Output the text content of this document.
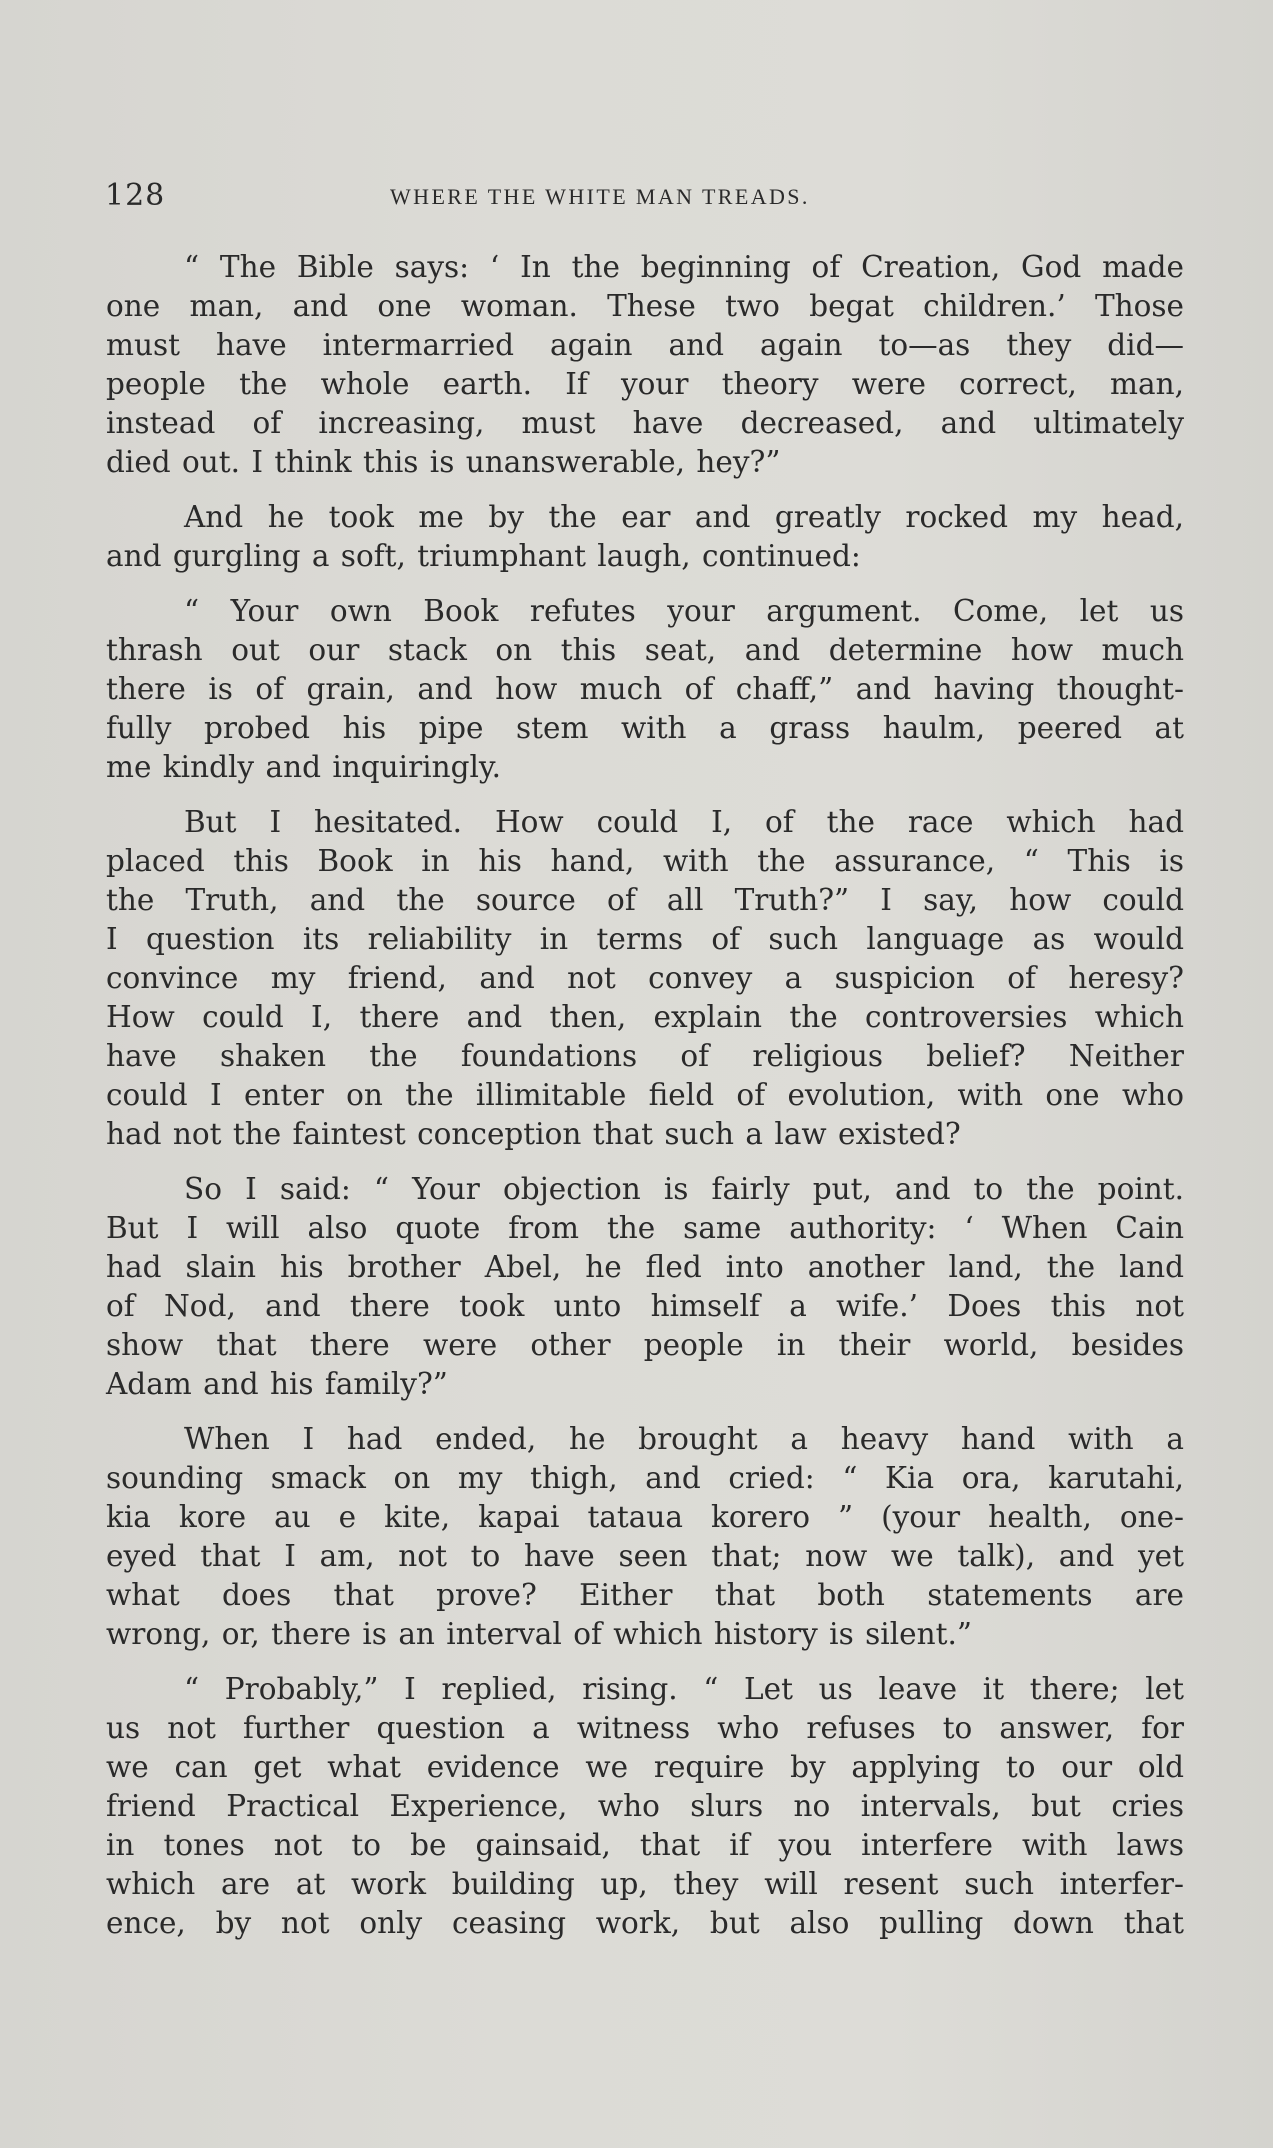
128	WHERE THE WHITE MAN TREADS.
“ The Bible says: ‘ In the beginning of Creation, God made
one man, and one woman. These two begat children.’ Those
must have intermarried again and again to—as they did—
people the whole earth. If your theory were correct, man,
instead of increasing, must have decreased, and ultimately
died out. I think this is unanswerable, hey?”
And he took me by the ear and greatly rocked my head,
and gurgling a soft, triumphant laugh, continued:
“ Your own Book refutes your argument. Come, let us
thrash out our stack on this seat, and determine how much
there is of grain, and how much of chaff,” and having thought-
fully probed his pipe stem with a grass haulm, peered at
me kindly and inquiringly.
But I hesitated. How could I, of the race which had
placed this Book in his hand, with the assurance, “ This is
the Truth, and the source of all Truth?” I say, how could
I question its reliability in terms of such language as would
convince my friend, and not convey a suspicion of heresy?
How could I, there and then, explain the controversies which
have shaken the foundations of religious belief? Neither
could I enter on the illimitable field of evolution, with one who
had not the faintest conception that such a law existed?
So I said: “ Your objection is fairly put, and to the point.
But I will also quote from the same authority: ‘ When Cain
had slain his brother Abel, he fled into another land, the land
of Nod, and there took unto himself a wife.’ Does this not
show that there were other people in their world, besides
Adam and his family?”
When I had ended, he brought a heavy hand with a
sounding smack on my thigh, and cried: “ Kia ora, karutahi,
kia kore au e kite, kapai tataua korero ” (your health, one-
eyed that I am, not to have seen that; now we talk), and yet
what does that prove? Either that both statements are
wrong, or, there is an interval of which history is silent.”
“ Probably,” I replied, rising. “ Let us leave it there; let
us not further question a witness who refuses to answer, for
we can get what evidence we require by applying to our old
friend Practical Experience, who slurs no intervals, but cries
in tones not to be gainsaid, that if you interfere with laws
which are at work building up, they will resent such interfer-
ence, by not only ceasing work, but also pulling down that
